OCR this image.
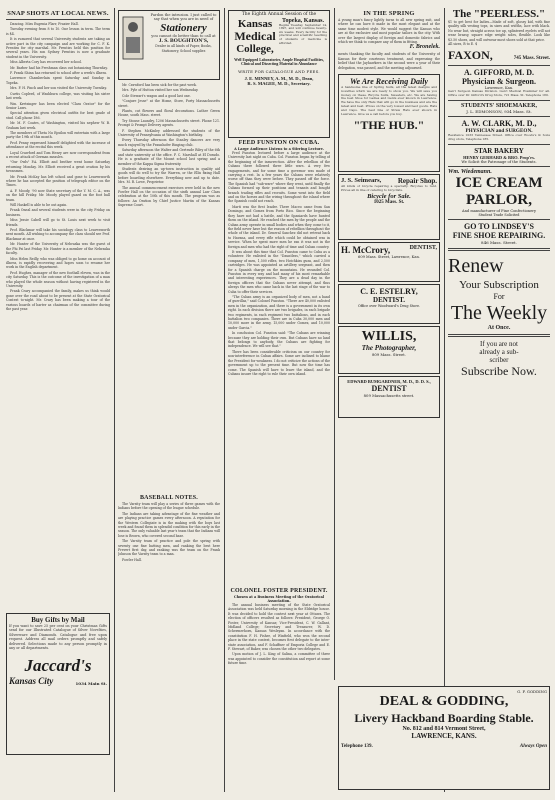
SNAP SHOTS AT LOCAL NEWS.

Dancing. Miss Eugenia Flarr, Frazier Hall.

Tuesday evening from 8 to 10. One lesson in term. The term is $4.

It is rumored that several University students are taking an active part in the city campaign and are working for C. F. K. Prentiss for city marshal. Mr. Prentiss held this position for several years. His son Sydney Prentiss is now a graduate student in the University.

Miss Alberta Cory has recovered her school.

Mr. Barber had his Freshman class out botanizing Thursday.

F. Frank Shinn has returned to school after a week's illness.

Lawrence Chamberlain spent Saturday and Sunday in Topeka.

Mrs. F. H. Pinch and her son visited the University Tuesday.

Curtis Coplerd, of Washburn college, was visiting his sister last week.

Wm. Kretsinger has been elected "Class Orator" for the Senior Laws.

Special attention given electrical outfits for best grade of stud. Call phone 186.

Mr. M. F. Coates, of Washington, visited his nephew W. B. Graham last week.

The members of Theta Nu Epsilon will entertain with a large party the 19th of this month.

Prof. Penny expressed himself delighted with the increase of attendance at the recital this week.

Loyal Crawford and Tom Henry are now correspondent from a recent attack of German measles.

"Our Owls" P.A. Elliott and brother went home Saturday returning Monday. Mr. Elliott received a great ovation by his townsmen.

Mr. Frank McKay has left school and gone to Leavenworth where he has accepted the position of telegraph editor on the Times.

A. F. Moody, '90 now State secretary of the Y. M. C. A., was on the hill Friday. Mr. Moody played guard on the foot ball team.

Will Haskell is able to be out again.

Frank Oneal and several students were in the city Friday on business.

Miss Jessie Cabell will go to St. Louis next week to visit friends.

Prof. Blackmar will take his sociology class to Leavenworth next month. All wishing to accompany the class should see Prof. Blackmar at once.

Mr. Hunter of the University of Nebraska was the guest of the Phi Psi last Friday. Mr. Hunter is a member of the Nebraska faculty.

Miss Helen Reilly, who was obliged to go home on account of illness, is rapidly recovering and hopes soon to resume her work in the English department.

Prof. Hughes, manager of the new football eleven, was in the city Saturday. This is the outcome of the investigation of a man who played the whole season without having registered in the University.

Frank Crary accompanied the family, makes us think would gone over the road about to be present at the State Oratorical Contest to-night. Mr. Crary has been making a tour of the various boards of barter as chairman of the committee during the past year.

Buy Gifts by Mail
If you want to save 25 per cent on your Christmas Gifts send for our Illustrated Catalogue of Silver Novelties, Silverware and Diamonds. Catalogue and free upon request. Address all mail orders promptly and safely delivered. Selections made to any person promptly in any or all departments.
Jaccard's
Kansas City	1034 Main St.
Pardon the intrusion. I just called to say that when you are in need of
Stationery
you cannot do better than to call at
J. S. BOUGHTON'S,
Dealer in all kinds of Paper, Books, Stationery, School supplies

Mr. Crawford has been sick for the past week.

Mrs. Pyle of Hutton visited her son Wednesday.

Cole Stewart's wagon and a good last one.

"Conjure Jesse" at the Home, Store, Forty Massachusetts street.

Plants, cut flowers and floral decorations. Luther Green House, south Mass. street.

Try Stouse Laundry, 1206 Massachusetts street. Phone 121. Prompt & Prompt Delivery agents.

F. Stephen McKinley addressed the students of the University of Pennsylvania at Washington's birthday.

Every Thursday afternoon the Stanley dancers are very much enjoyed by the Fraunhofer Ringing club.

Saturday afternoon the Walter and Gertrude Riley of the 6th and state university at the office. F. C. Marshall at El Dorado. He is a graduate of the Mount school last spring and a member of the Kappa Sigma fraternity.

Students desiring an up-town instruction in quality aid goods will do well to try the Warren, or the Ellis fixing Hall before boarding elsewhere. Everything new and up to date. Mrs. M. R. Lowe, Proprietor.

The annual commencement exercises were held in the new Fowler Hall on the occasion of the sixth annual Law Class celebration at the 10th of this month. The program was as follows: An Oration by Chief Justice Martin of the Kansas Supreme Court.

BASEBALL NOTES.

The Varsity team will play a series of three games with the Indians before the opening of the league schedule.

The Indians are taking advantage of the fine weather and are playing practice games every afternoon. A reputation for the Western Collegiate is in the making with the boys last week and found them in splendid condition for this early in the season. The only valuable last year's team that the Indians will lose is Brown, who covered second base.

The Varsity team of practice and pole the spring with seventy one fine batting men, and ranking the best here Frevert first day, and ranking was the team on the Frank Johnson the Varsity team to a man.

Fowler Hall.

The Eighth Annual Session of the
Kansas
Medical
College,
Topeka, Kansas.
Begins Tuesday, September 14, 1897, and will continue twenty-six weeks. Every facility for the practical and scientific teaching of students of medicine is afforded.
Well Equipped Laboratories, Ample Hospital Facilities, Clinical and Dissecting Material in Abundance
WRITE FOR CATALOGUE AND FEES.
J. E. MINNEY, A. M., M. D., Dean,
R. S. MAGEE, M. D., Secretary.
FEED FUNSTON ON CUBA.
A Large Audience Listens to a Stirring Lecture.

Fred Funston lectured before a large audience at the University last night on Cuba. Col. Funston began by telling of the beginning of the insurrection. After the rebellion of the Cubans there followed three little wars. A very few engagements, and for some time a governor was made of carrying a rest. In a few years the Cubans were relatively worse off than they were before. They passed off the force. The Spanish had "sub-ware" where they went, until finally the Cubans formed up their positions and tenants and bought branch trading rifles and recruits. Some went into the field and on the horses and the wiring throughout the island where the Spanish could not reach.

Marti was the first leader. There Maceo came from San Domingo, and Gomez from Porto Rico. Since the beginning they have not had a battle, and the Spaniards have hunted them on the island. He reached the men by the people and the Cuban army operate in small bodies and when they come to it, the field never have but the reason of rebellion throughout the whole of the island. Dr. General Sanchez did not retreat back to Havana, and every rifle which could be obtained was in service. When he spent more men he ran it was not in the foreign and men who had the right of time and Cuban country.

It was about this time that Col. Funston came to Cuba as a volunteer. He enlisted in the "Dauntless," which carried a company of men, 1,500 rifles, two Hotchkiss guns, and 2,500 cartridges. He was appointed as artillery sergeant, and then for a Spanish charge on the mountains. He wounded Col. Funston in every way and had many of his most remarkable and interesting experiences. They are a dead day in the foreign officers that the Cubans never attempt, and thus always the men who came back in the last stage of the war to Cuba to offer their services.

"The Cuban army is an organized body of men, not a band of guerillas," said Colonel Funston. "There are 40,000 enlisted men in the organization, and there is a government in its own right. In each division there are two brigades, in each brigade two regiments, in each regiment two battalions, and in each battalion two companies. There are in Cuba 30,000 men and 10,000 more in the army, 15,000 under Gomez, and 10,000 under Garcia."

In conclusion Col. Funston said: "The Cubans are winning because they are holding their own. But Cubans have no land that belongs to anybody, the Cubans are fighting for independence. We will see that."

There has been considerable criticism on our country for non-interference in Cuban affairs. Some are inclined to blame the President for weakness. I do not criticize the actions of the government up to the present time. But now the time has come. The Spanish will have to leave the island, and the Cubans insure the right to rule their own island.

COLONEL FOSTER PRESIDENT.
Chosen at a Business Meeting of the Oratorical Association.

The annual business meeting of the State Oratorical Association was held Saturday morning in the Eldridge house. It was decided to hold the contest next year at Ottawa. The election of officers resulted as follows: President, George O. Foster, University of Kansas; Vice-President, C. W. Gallant, Midland College; Secretary and Treasurer, W. D. Schermerhorn, Kansas Wesleyan. In accordance with the constitution F. H. Fisher, of Winfield, who won the second place in the state contest, becomes first delegate to the inter-state association, and F. Schaffner of Emporia College and E. F. Stewart, of Baker, was chosen the other two delegates.

Upon motion of J. L. King of Salina, a committee of three was appointed to consider the constitution and report at some future time.

IN THE SPRING
A young man's fancy lightly turns to all new spring suit, and where he can have it made in the most elegant and at the same time modest style. We would suggest the Kansas who are at the exclusive and most popular tailors in the city. With over the largest display of foreign and domestic fabrics and which we think to compare any of them in fitting.
F. Bronelek.
ments thanking the faculty and students of the University of Kansas for their courteous treatment, and expressing the belief that the Jayhawkers in the second were a year of their delegation, was passed, and the meeting adjourned.
We Are Receiving Daily
A handsome line of Spring Suits, all the latest designs and novelties which we are ready to show you. We will save you money on these. Bicycle Suits, Sweaters, etc. We are having the best Shoe for Ladies and Gents ever known in Lawrence. We have the only Hats that will go in the business and are the latest and best. Prices on the very lowest and best goods. Hats and Caps. The best line of Straw Hats ever shown in Lawrence. Give us a call before you buy.
"THE HUB."
J. S. Seimears, Repair Shop.
All kinds of bicycle repairing a specialty. Bicycles to rent. Prices all in line of catering to bicyclists.
Bicycle for Sale.
1025 Mass. St.
H. McCrory,	DENTIST,
609 Mass. Street, Lawrence, Kan.
C. E. ESTELRY,
DENTIST.
Office over Woodward's Drug Store.
WILLIS,
The Photographer,
809 Mass. Street.
EDWARD BUMGARDNER, M. D., D. D. S.,
DENTIST
809 Massachusetts street.
The "PEERLESS."
$1 to get best for ladies—Made of soft, glossy kid, with fine quality silk vesting tops, in sizes and widths, lace with black. No wear but, straight across toe up, splintered eyelets will not wear brassy, square edge weight soles, flexible. Look like $3.50 shoes, and will outwear most shoes sold at that price.
All sizes, B to E. $
FAXON,	745 Mass. Street.
A. GIFFORD, M. D.
Physician & Surgeon.
Lawrence, Kan.
Gen'l Surgeon Kansas Division. Gen'l Medical Examiner for all. Office over Dr. Gifford's Drug Store, 721 Mass. St. Telephone 180.
STUDENTS' SHOEMAKER,
J. L. EDMONSON, 934 Mass. St.
A. W. CLARK, M. D.,
PHYSICIAN and SURGEON.
Residence 1033 Tennessee Street. Office over Woods's & Sons drug store, Telephone 185.
STAR BAKERY
HENRY GERHARD & BRO. Prop'rs.
We Solicit the Patronage of the Students.
Wm. Wiedemann.
ICE CREAM
PARLOR,
And manufacturer of Fine Confectionery
Student Trade Solicited
GO TO LINDSEY'S
FINE SHOE REPAIRING.
846 Mass. Street.
Renew
Your Subscription
For
The Weekly
At Once.
If you are not
already a sub-
scriber
Subscribe Now.
G. F. GODDING
DEAL & GODDING,
Livery Hackband Boarding Stable.
No. 812 and 814 Vermont Street,
LAWRENCE, KANS.
Telephone 139.	Always Open
